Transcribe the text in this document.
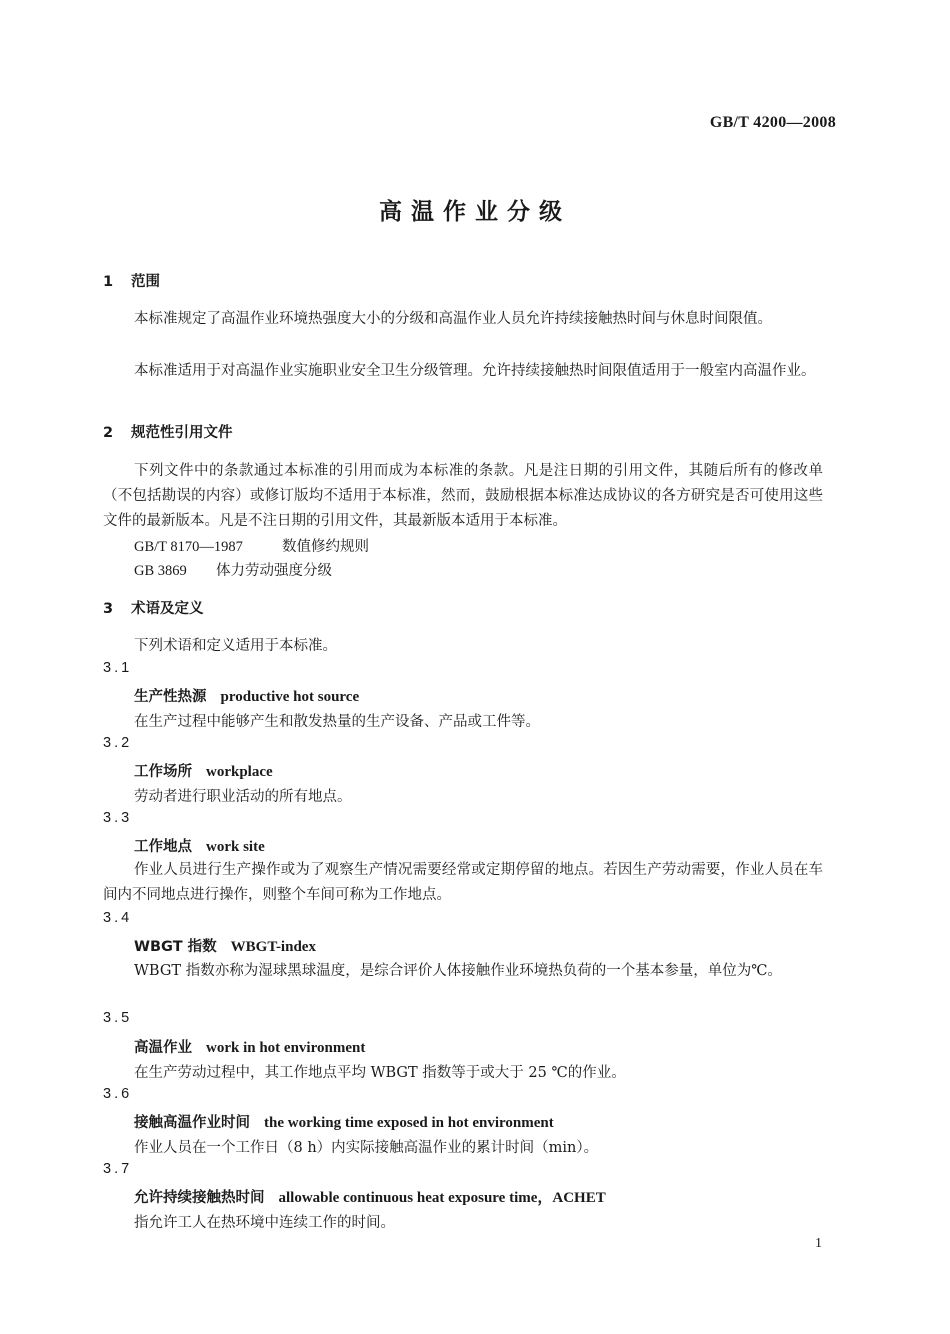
GB/T 4200—2008
高温作业分级
1 范围
本标准规定了高温作业环境热强度大小的分级和高温作业人员允许持续接触热时间与休息时间限值。
本标准适用于对高温作业实施职业安全卫生分级管理。允许持续接触热时间限值适用于一般室内高温作业。
2 规范性引用文件
下列文件中的条款通过本标准的引用而成为本标准的条款。凡是注日期的引用文件，其随后所有的修改单（不包括勘误的内容）或修订版均不适用于本标准，然而，鼓励根据本标准达成协议的各方研究是否可使用这些文件的最新版本。凡是不注日期的引用文件，其最新版本适用于本标准。
GB/T 8170—1987	数值修约规则
GB 3869 体力劳动强度分级
3 术语及定义
下列术语和定义适用于本标准。
3.1
生产性热源 productive hot source
在生产过程中能够产生和散发热量的生产设备、产品或工件等。
3.2
工作场所 workplace
劳动者进行职业活动的所有地点。
3.3
工作地点 work site
作业人员进行生产操作或为了观察生产情况需要经常或定期停留的地点。若因生产劳动需要，作业人员在车间内不同地点进行操作，则整个车间可称为工作地点。
3.4
WBGT 指数 WBGT-index
WBGT 指数亦称为湿球黑球温度，是综合评价人体接触作业环境热负荷的一个基本参量，单位为℃。
3.5
高温作业 work in hot environment
在生产劳动过程中，其工作地点平均 WBGT 指数等于或大于 25 ℃的作业。
3.6
接触高温作业时间 the working time exposed in hot environment
作业人员在一个工作日（8 h）内实际接触高温作业的累计时间（min）。
3.7
允许持续接触热时间 allowable continuous heat exposure time，ACHET
指允许工人在热环境中连续工作的时间。
1
